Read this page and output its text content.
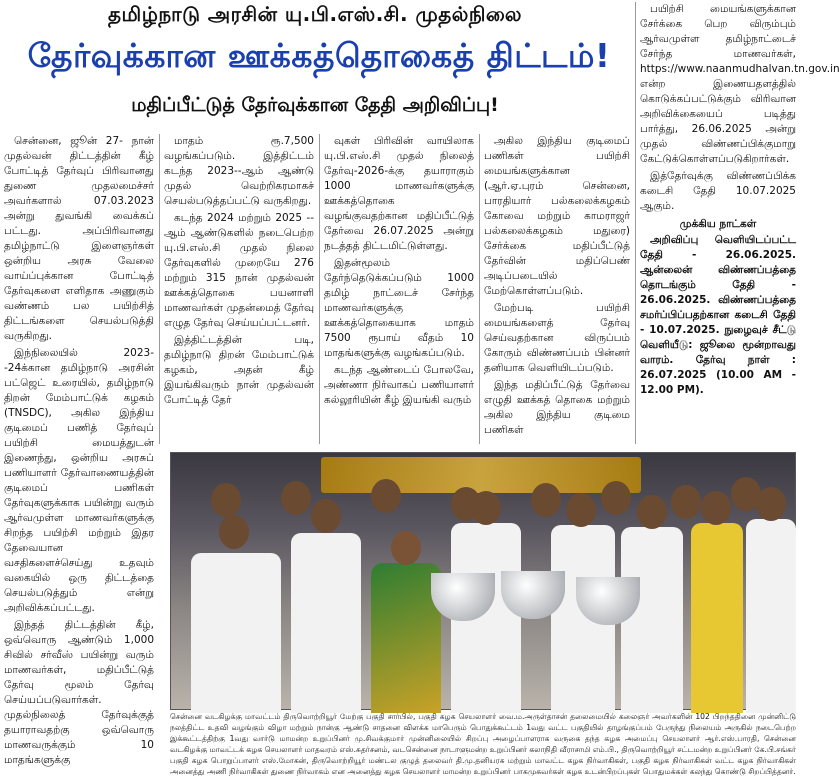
தமிழ்நாடு அரசின் யு.பி.எஸ்.சி. முதல்நிலை
தேர்வுக்கான ஊக்கத்தொகைத் திட்டம்!
மதிப்பீட்டுத் தேர்வுக்கான தேதி அறிவிப்பு!

சென்னை, ஜூன் 27- நான் முதல்வன் திட்டத்தின் கீழ் போட்டித் தேர்வுப் பிரிவானது துணை முதலமைச்சர் அவர்களால் 07.03.2023 அன்று துவங்கி வைக்கப் பட்டது. அப்பிரிவானது தமிழ்நாட்டு இளைஞர்கள் ஒன்றிய அரசு வேலை வாய்ப்புக்கான போட்டித் தேர்வுகளை எளிதாக அணுகும் வண்ணம் பல பயிற்சித் திட்டங்களை செயல்படுத்தி வருகிறது.

இந்நிலையில் 2023--24க்கான தமிழ்நாடு அரசின் பட்ஜெட் உரையில், தமிழ்நாடு திறன் மேம்பாட்டுக் கழகம் (TNSDC), அகில இந்திய குடிமைப் பணித் தேர்வுப் பயிற்சி மையத்துடன் இணைந்து, ஒன்றிய அரசுப் பணியாளர் தேர்வாணையத்தின் குடிமைப் பணிகள் தேர்வுகளுக்காக பயின்று வரும் ஆர்வமுள்ள மாணவர்களுக்கு சிறந்த பயிற்சி மற்றும் இதர தேவையான வசதிகளைச்செய்து உதவும் வகையில் ஒரு திட்டத்தை செயல்படுத்தும் என்று அறிவிக்கப்பட்டது.

இந்தத் திட்டத்தின் கீழ், ஒவ்வொரு ஆண்டும் 1,000 சிவில் சர்வீஸ் பயின்று வரும் மாணவர்கள், மதிப்பீட்டுத் தேர்வு மூலம் தேர்வு செய்யப்படுவார்கள். முதல்நிலைத் தேர்வுக்குத் தயாராவதற்கு ஒவ்வொரு மாணவருக்கும் 10 மாதங்களுக்கு

மாதம் ரூ.7,500 வழங்கப்படும். இத்திட்டம் கடந்த 2023--ஆம் ஆண்டு முதல் வெற்றிகரமாகச் செயல்படுத்தப்பட்டு வருகிறது.

கடந்த 2024 மற்றும் 2025 --ஆம் ஆண்டுகளில் நடைபெற்ற யு.பி.எஸ்.சி முதல் நிலை தேர்வுகளில் முறையே 276 மற்றும் 315 நான் முதல்வன் ஊக்கத்தொகை பயனாளி மாணவர்கள் முதன்மைத் தேர்வு எழுத தேர்வு செய்யப்பட்டனர்.

இத்திட்டத்தின் படி, தமிழ்நாடு திறன் மேம்பாட்டுக் கழகம், அதன் கீழ் இயங்கிவரும் நான் முதல்வன் போட்டித் தேர்

வுகள் பிரிவின் வாயிலாக யு.பி.எஸ்.சி முதல் நிலைத் தேர்வு-2026-க்கு தயாராகும் 1000 மாணவர்களுக்கு ஊக்கத்தொகை வழங்குவதற்கான மதிப்பீட்டுத் தேர்வை 26.07.2025 அன்று நடத்தத் திட்டமிட்டுள்ளது.

இதன்மூலம் தேர்ந்தெடுக்கப்படும் 1000 தமிழ் நாட்டைச் சேர்ந்த மாணவர்களுக்கு ஊக்கத்தொகையாக மாதம் 7500 ரூபாய் வீதம் 10 மாதங்களுக்கு வழங்கப்படும்.

கடந்த ஆண்டைப் போலவே, அண்ணா நிர்வாகப் பணியாளர் கல்லூரியின் கீழ் இயங்கி வரும்

அகில இந்திய குடிமைப் பணிகள் பயிற்சி மையங்களுக்கான (ஆர்.ஏ.புரம் சென்னை, பாரதியார் பல்கலைக்கழகம் கோவை மற்றும் காமராஜர் பல்கலைக்கழகம் மதுரை) சேர்க்கை மதிப்பீட்டுத் தேர்வின் மதிப்பெண் அடிப்படையில் மேற்கொள்ளப்படும்.

மேற்படி பயிற்சி மையங்களைத் தேர்வு செய்வதற்கான விருப்பம் கோரும் விண்ணப்பம் பின்னர் தனியாக வெளியிடப்படும்.

இந்த மதிப்பீட்டுத் தேர்வை எழுதி ஊக்கத் தொகை மற்றும் அகில இந்திய குடிமை பணிகள்

பயிற்சி மையங்களுக்கான சேர்க்கை பெற விரும்பும் ஆர்வமுள்ள தமிழ்நாட்டைச் சேர்ந்த மாணவர்கள், https://www.naanmudhalvan.tn.gov.in என்ற இணையதளத்தில் கொடுக்கப்பட்டுக்கும் விரிவான அறிவிக்கையைப் படித்து பார்த்து, 26.06.2025 அன்று முதல் விண்ணப்பிக்குமாறு கேட்டுக்கொள்ளப்படுகிறார்கள்.

இத்தேர்வுக்கு விண்ணப்பிக்க கடைசி தேதி 10.07.2025 ஆகும்.

முக்கிய நாட்கள்

அறிவிப்பு வெளியிடப்பட்ட தேதி - 26.06.2025. ஆன்லைன் விண்ணப்பத்தை தொடங்கும் தேதி - 26.06.2025. விண்ணப்பத்தை சமர்ப்பிப்பதற்கான கடைசி தேதி - 10.07.2025. நுழைவுச் சீட்டு வெளியீடு: ஜூலை மூன்றாவது வாரம். தேர்வு நாள் : 26.07.2025 (10.00 AM - 12.00 PM).

சென்னை வடகிழக்கு மாவட்டம் திருவொற்றியூர் மேற்கு பகுதி சார்பில், பகுதி கழக செயலாளர் வை.ம.அருள்தாசன் தலைமையில் கலைஞர் அவர்களின் 102 பிறந்ததினை முன்னிட்டு நலத்திட்ட உதவி வழங்கும் விழா மற்றும் நான்கு ஆண்டு சாதனை விளக்க மாபெரும் பொதுக்கூட்டம் 1வது வட்ட பகுதியில் தாழங்குப்பம் பேருந்து நிலையம் அருகில் நடைபெற்ற இக்கூட்டத்திற்கு 1வது வார்டு மாமன்ற உறுப்பினர் மு.சிவக்குமார் முன்னிலையில் சிறப்பு அழைப்பாளராக வருகை தந்த கழக அமைப்பு செயலாளர் ஆர்.எஸ்.பாரதி, சென்னை வடகிழக்கு மாவட்டக் கழக செயலாளர் மாதவரம் எஸ்.சுதர்சனம், வடசென்னை நாடாளுமன்ற உறுப்பினர் கலாநிதி வீராசாமி எம்.பி., திருவொற்றியூர் சட்டமன்ற உறுப்பினர் கே.பி.சங்கர் பகுதி கழக பொறுப்பாளர் எஸ்.மோகன், திருவொற்றியூர் மண்டல குழுத் தலைவர் தி.மு.தனியரசு மற்றும் மாவட்ட கழக நிர்வாகிகள், பகுதி கழக நிர்வாகிகள் வட்ட கழக நிர்வாகிகள் அனைத்து அணி நிர்வாகிகள் துணை நிர்வாகம் என அனைத்து கழக செயலாளர் மாமன்ற உறுப்பினர் பாகமுகவர்கள் கழக உடன்பிறப்புகள் பொதுமக்கள் கலந்து கொண்டு சிறப்பித்தனர்.
